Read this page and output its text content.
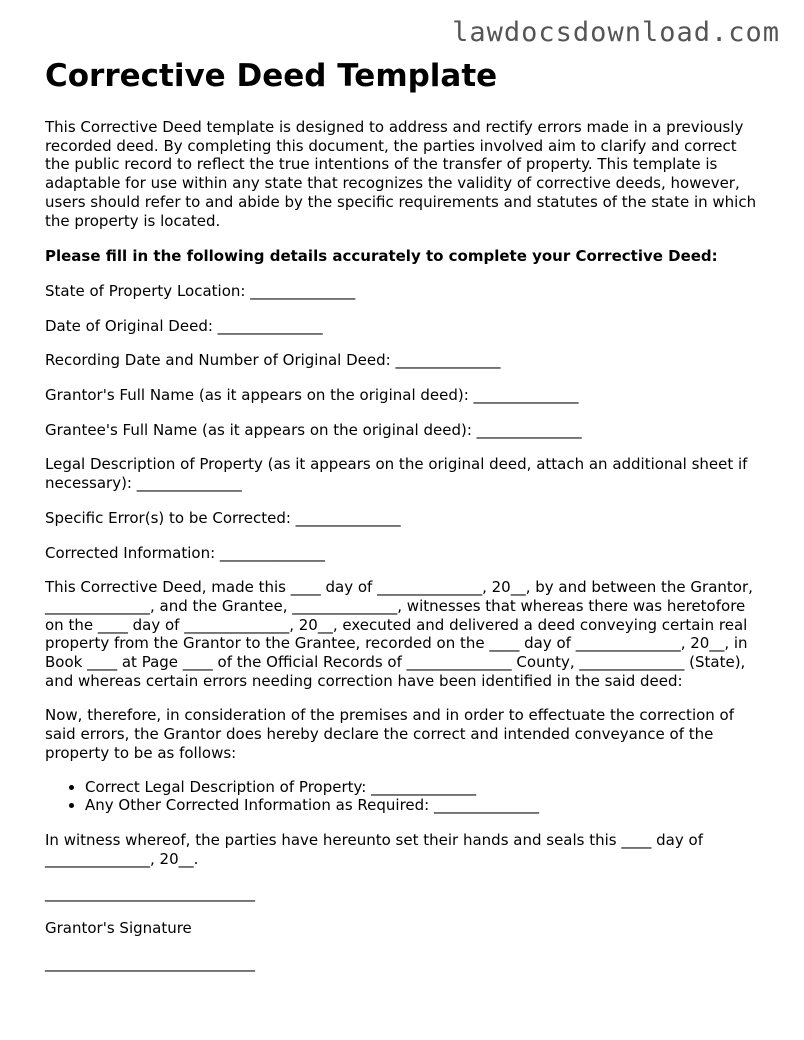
lawdocsdownload.com

Corrective Deed Template

This Corrective Deed template is designed to address and rectify errors made in a previously recorded deed. By completing this document, the parties involved aim to clarify and correct the public record to reflect the true intentions of the transfer of property. This template is adaptable for use within any state that recognizes the validity of corrective deeds, however, users should refer to and abide by the specific requirements and statutes of the state in which the property is located.

Please fill in the following details accurately to complete your Corrective Deed:

State of Property Location: ______________

Date of Original Deed: ______________

Recording Date and Number of Original Deed: ______________

Grantor's Full Name (as it appears on the original deed): ______________

Grantee's Full Name (as it appears on the original deed): ______________

Legal Description of Property (as it appears on the original deed, attach an additional sheet if necessary): ______________

Specific Error(s) to be Corrected: ______________

Corrected Information: ______________

This Corrective Deed, made this ____ day of ______________, 20__, by and between the Grantor, ______________, and the Grantee, ______________, witnesses that whereas there was heretofore on the ____ day of ______________, 20__, executed and delivered a deed conveying certain real property from the Grantor to the Grantee, recorded on the ____ day of ______________, 20__, in Book ____ at Page ____ of the Official Records of ______________ County, ______________ (State), and whereas certain errors needing correction have been identified in the said deed:

Now, therefore, in consideration of the premises and in order to effectuate the correction of said errors, the Grantor does hereby declare the correct and intended conveyance of the property to be as follows:

• Correct Legal Description of Property: ______________
• Any Other Corrected Information as Required: ______________

In witness whereof, the parties have hereunto set their hands and seals this ____ day of ______________, 20__.

____________________________

Grantor's Signature

____________________________
